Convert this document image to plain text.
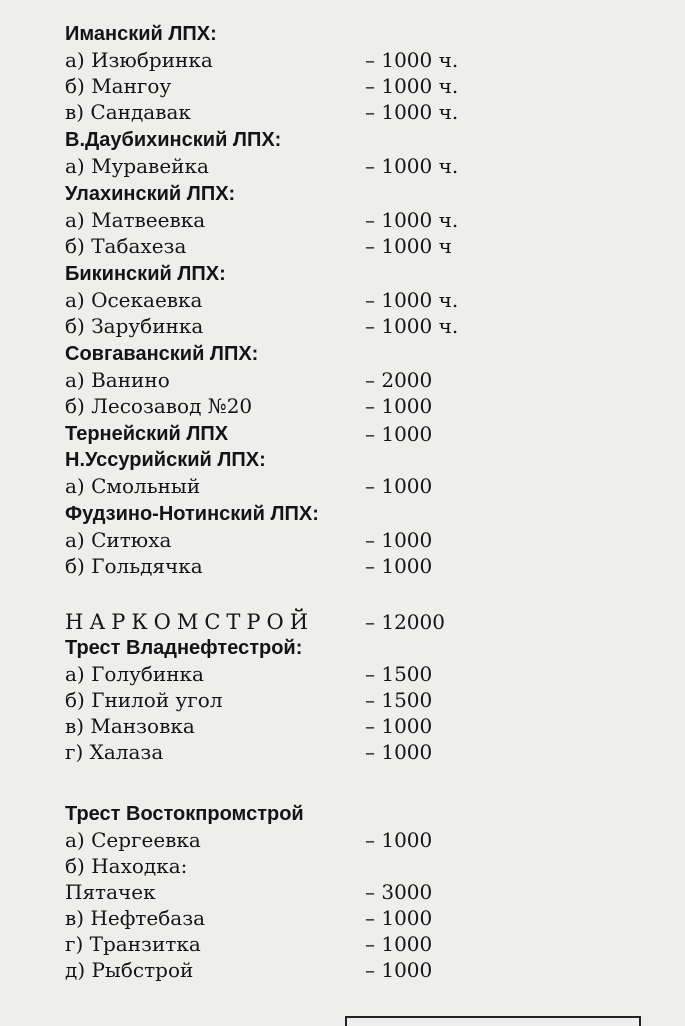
Иманский ЛПХ:
а) Изюбринка	– 1000 ч.
б) Мангоу	– 1000 ч.
в) Сандавак	– 1000 ч.
В.Даубихинский ЛПХ:
а) Муравейка	– 1000 ч.
Улахинский ЛПХ:
а) Матвеевка	– 1000 ч.
б) Табахеза	– 1000 ч
Бикинский ЛПХ:
а) Осекаевка	– 1000 ч.
б) Зарубинка	– 1000 ч.
Совгаванский ЛПХ:
а) Ванино	– 2000
б) Лесозавод №20	– 1000
Тернейский ЛПХ	– 1000
Н.Уссурийский ЛПХ:
а) Смольный	– 1000
Фудзино-Нотинский ЛПХ:
а) Ситюха	– 1000
б) Гольдячка	– 1000
НАРКОМСТРОЙ	– 12000
Трест Владнефтестрой:
а) Голубинка	– 1500
б) Гнилой угол	– 1500
в) Манзовка	– 1000
г) Халаза	– 1000
Трест Востокпромстрой
а) Сергеевка	– 1000
б) Находка:
Пятачек	– 3000
в) Нефтебаза	– 1000
г) Транзитка	– 1000
д) Рыбстрой	– 1000
